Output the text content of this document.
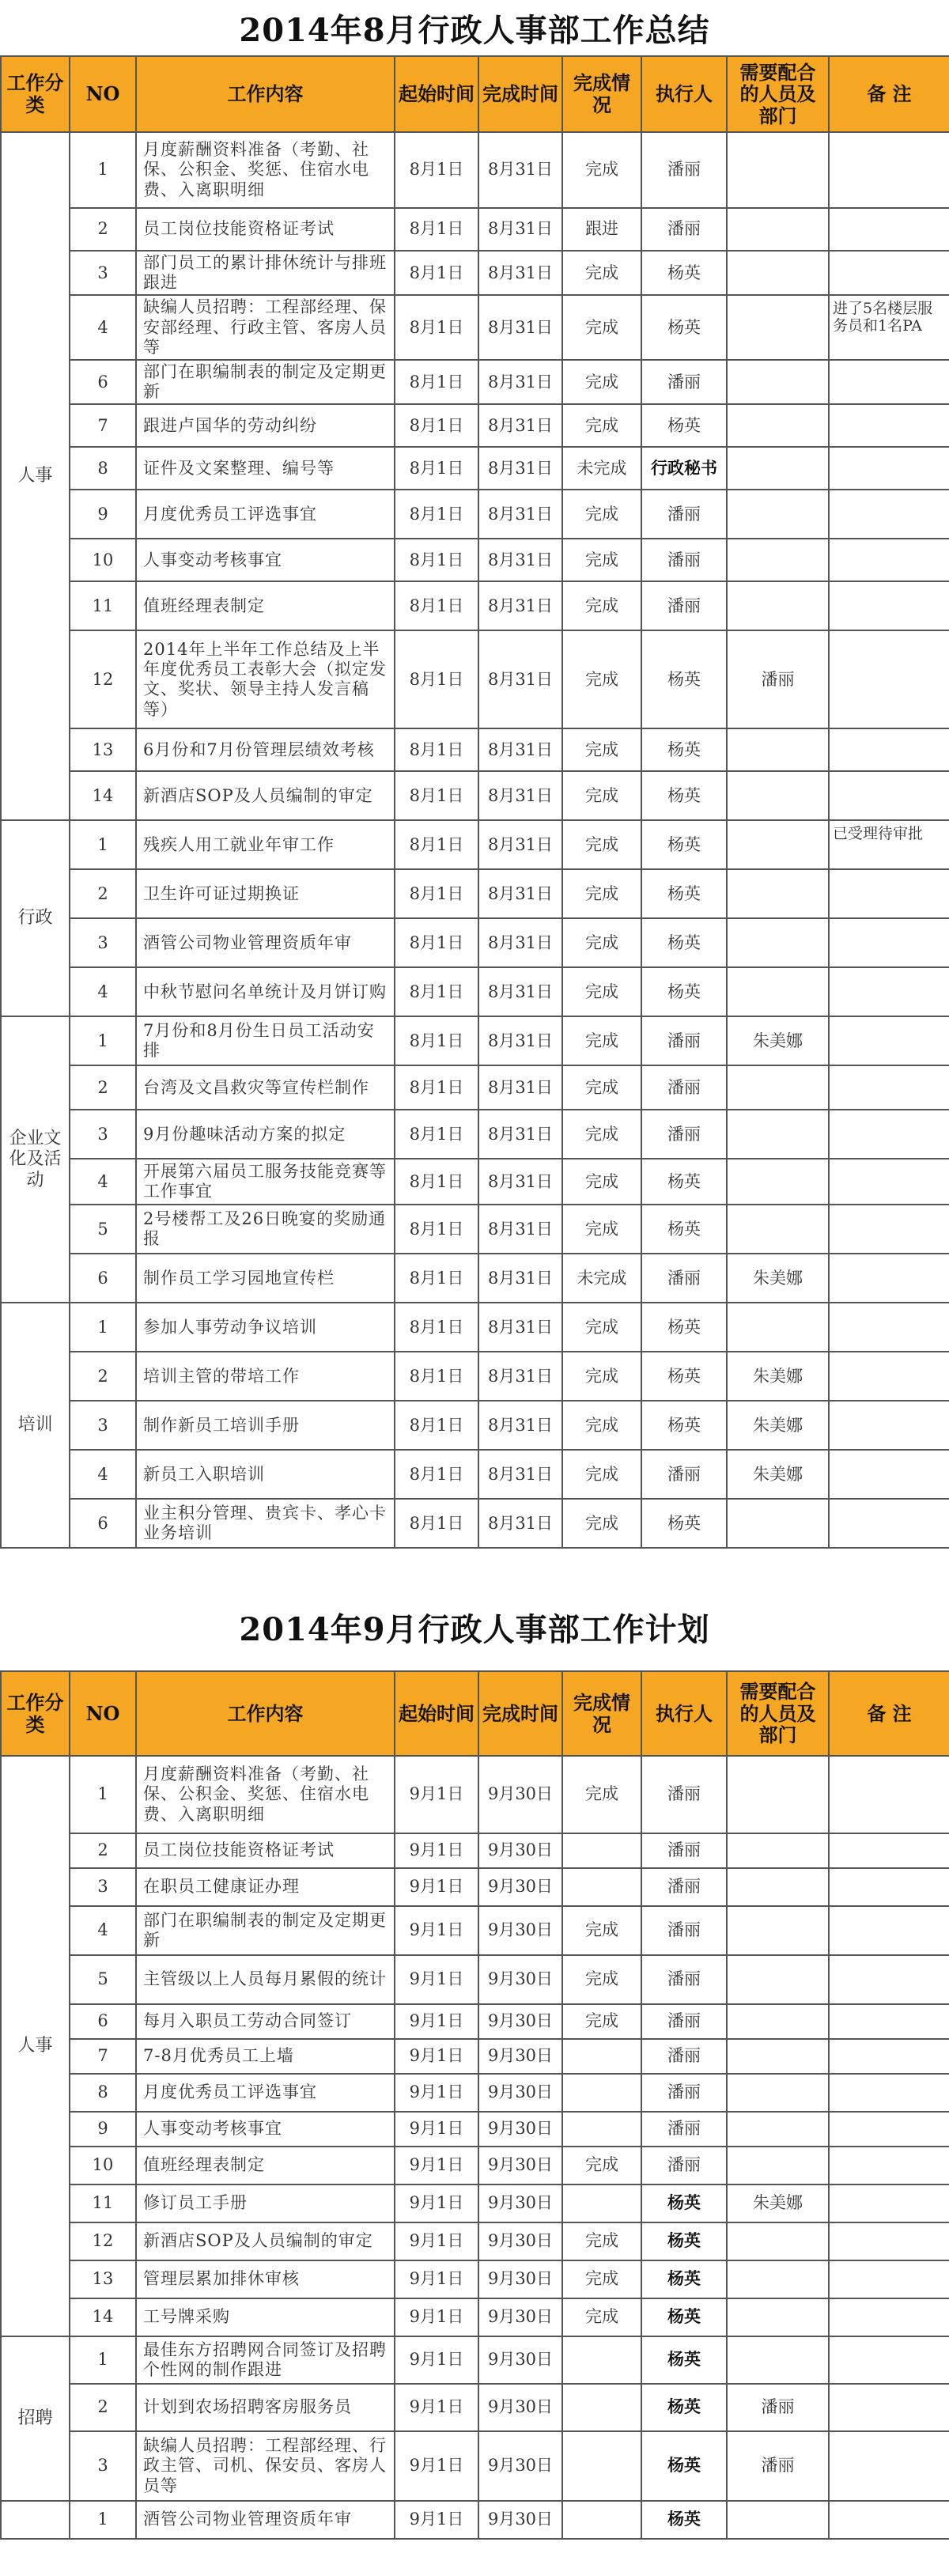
2014年8月行政人事部工作总结
工作分类	NO	工作内容	起始时间	完成时间	完成情况	执行人	需要配合的人员及部门	备 注
人事	1	月度薪酬资料准备（考勤、社保、公积金、奖惩、住宿水电费、入离职明细	8月1日	8月31日	完成	潘丽		

	2	员工岗位技能资格证考试	8月1日	8月31日	跟进	潘丽		

	3	部门员工的累计排休统计与排班跟进	8月1日	8月31日	完成	杨英		

	4	缺编人员招聘：工程部经理、保安部经理、行政主管、客房人员等	8月1日	8月31日	完成	杨英		进了5名楼层服务员和1名PA

	6	部门在职编制表的制定及定期更新	8月1日	8月31日	完成	潘丽		

	7	跟进卢国华的劳动纠纷	8月1日	8月31日	完成	杨英		

	8	证件及文案整理、编号等	8月1日	8月31日	未完成	行政秘书		

	9	月度优秀员工评选事宜	8月1日	8月31日	完成	潘丽		

	10	人事变动考核事宜	8月1日	8月31日	完成	潘丽		

	11	值班经理表制定	8月1日	8月31日	完成	潘丽		

	12	2014年上半年工作总结及上半年度优秀员工表彰大会（拟定发文、奖状、领导主持人发言稿等）	8月1日	8月31日	完成	杨英	潘丽	

	13	6月份和7月份管理层绩效考核	8月1日	8月31日	完成	杨英		

	14	新酒店SOP及人员编制的审定	8月1日	8月31日	完成	杨英		

行政	1	残疾人用工就业年审工作	8月1日	8月31日	完成	杨英		已受理待审批

	2	卫生许可证过期换证	8月1日	8月31日	完成	杨英		

	3	酒管公司物业管理资质年审	8月1日	8月31日	完成	杨英		

	4	中秋节慰问名单统计及月饼订购	8月1日	8月31日	完成	杨英		

企业文化及活动	1	7月份和8月份生日员工活动安排	8月1日	8月31日	完成	潘丽	朱美娜	

	2	台湾及文昌救灾等宣传栏制作	8月1日	8月31日	完成	潘丽		

	3	9月份趣味活动方案的拟定	8月1日	8月31日	完成	潘丽		

	4	开展第六届员工服务技能竞赛等工作事宜	8月1日	8月31日	完成	杨英		

	5	2号楼帮工及26日晚宴的奖励通报	8月1日	8月31日	完成	杨英		

	6	制作员工学习园地宣传栏	8月1日	8月31日	未完成	潘丽	朱美娜	

培训	1	参加人事劳动争议培训	8月1日	8月31日	完成	杨英		

	2	培训主管的带培工作	8月1日	8月31日	完成	杨英	朱美娜	

	3	制作新员工培训手册	8月1日	8月31日	完成	杨英	朱美娜	

	4	新员工入职培训	8月1日	8月31日	完成	潘丽	朱美娜	

	6	业主积分管理、贵宾卡、孝心卡业务培训	8月1日	8月31日	完成	杨英		

2014年9月行政人事部工作计划
工作分类	NO	工作内容	起始时间	完成时间	完成情况	执行人	需要配合的人员及部门	备 注
人事	1	月度薪酬资料准备（考勤、社保、公积金、奖惩、住宿水电费、入离职明细	9月1日	9月30日	完成	潘丽		

	2	员工岗位技能资格证考试	9月1日	9月30日		潘丽		

	3	在职员工健康证办理	9月1日	9月30日		潘丽		

	4	部门在职编制表的制定及定期更新	9月1日	9月30日	完成	潘丽		

	5	主管级以上人员每月累假的统计	9月1日	9月30日	完成	潘丽		

	6	每月入职员工劳动合同签订	9月1日	9月30日	完成	潘丽		

	7	7-8月优秀员工上墙	9月1日	9月30日		潘丽		

	8	月度优秀员工评选事宜	9月1日	9月30日		潘丽		

	9	人事变动考核事宜	9月1日	9月30日		潘丽		

	10	值班经理表制定	9月1日	9月30日	完成	潘丽		

	11	修订员工手册	9月1日	9月30日		杨英	朱美娜	

	12	新酒店SOP及人员编制的审定	9月1日	9月30日	完成	杨英		

	13	管理层累加排休审核	9月1日	9月30日	完成	杨英		

	14	工号牌采购	9月1日	9月30日	完成	杨英		

招聘	1	最佳东方招聘网合同签订及招聘个性网的制作跟进	9月1日	9月30日		杨英		

	2	计划到农场招聘客房服务员	9月1日	9月30日		杨英	潘丽	

	3	缺编人员招聘：工程部经理、行政主管、司机、保安员、客房人员等	9月1日	9月30日		杨英	潘丽	

	1	酒管公司物业管理资质年审	9月1日	9月30日		杨英		
